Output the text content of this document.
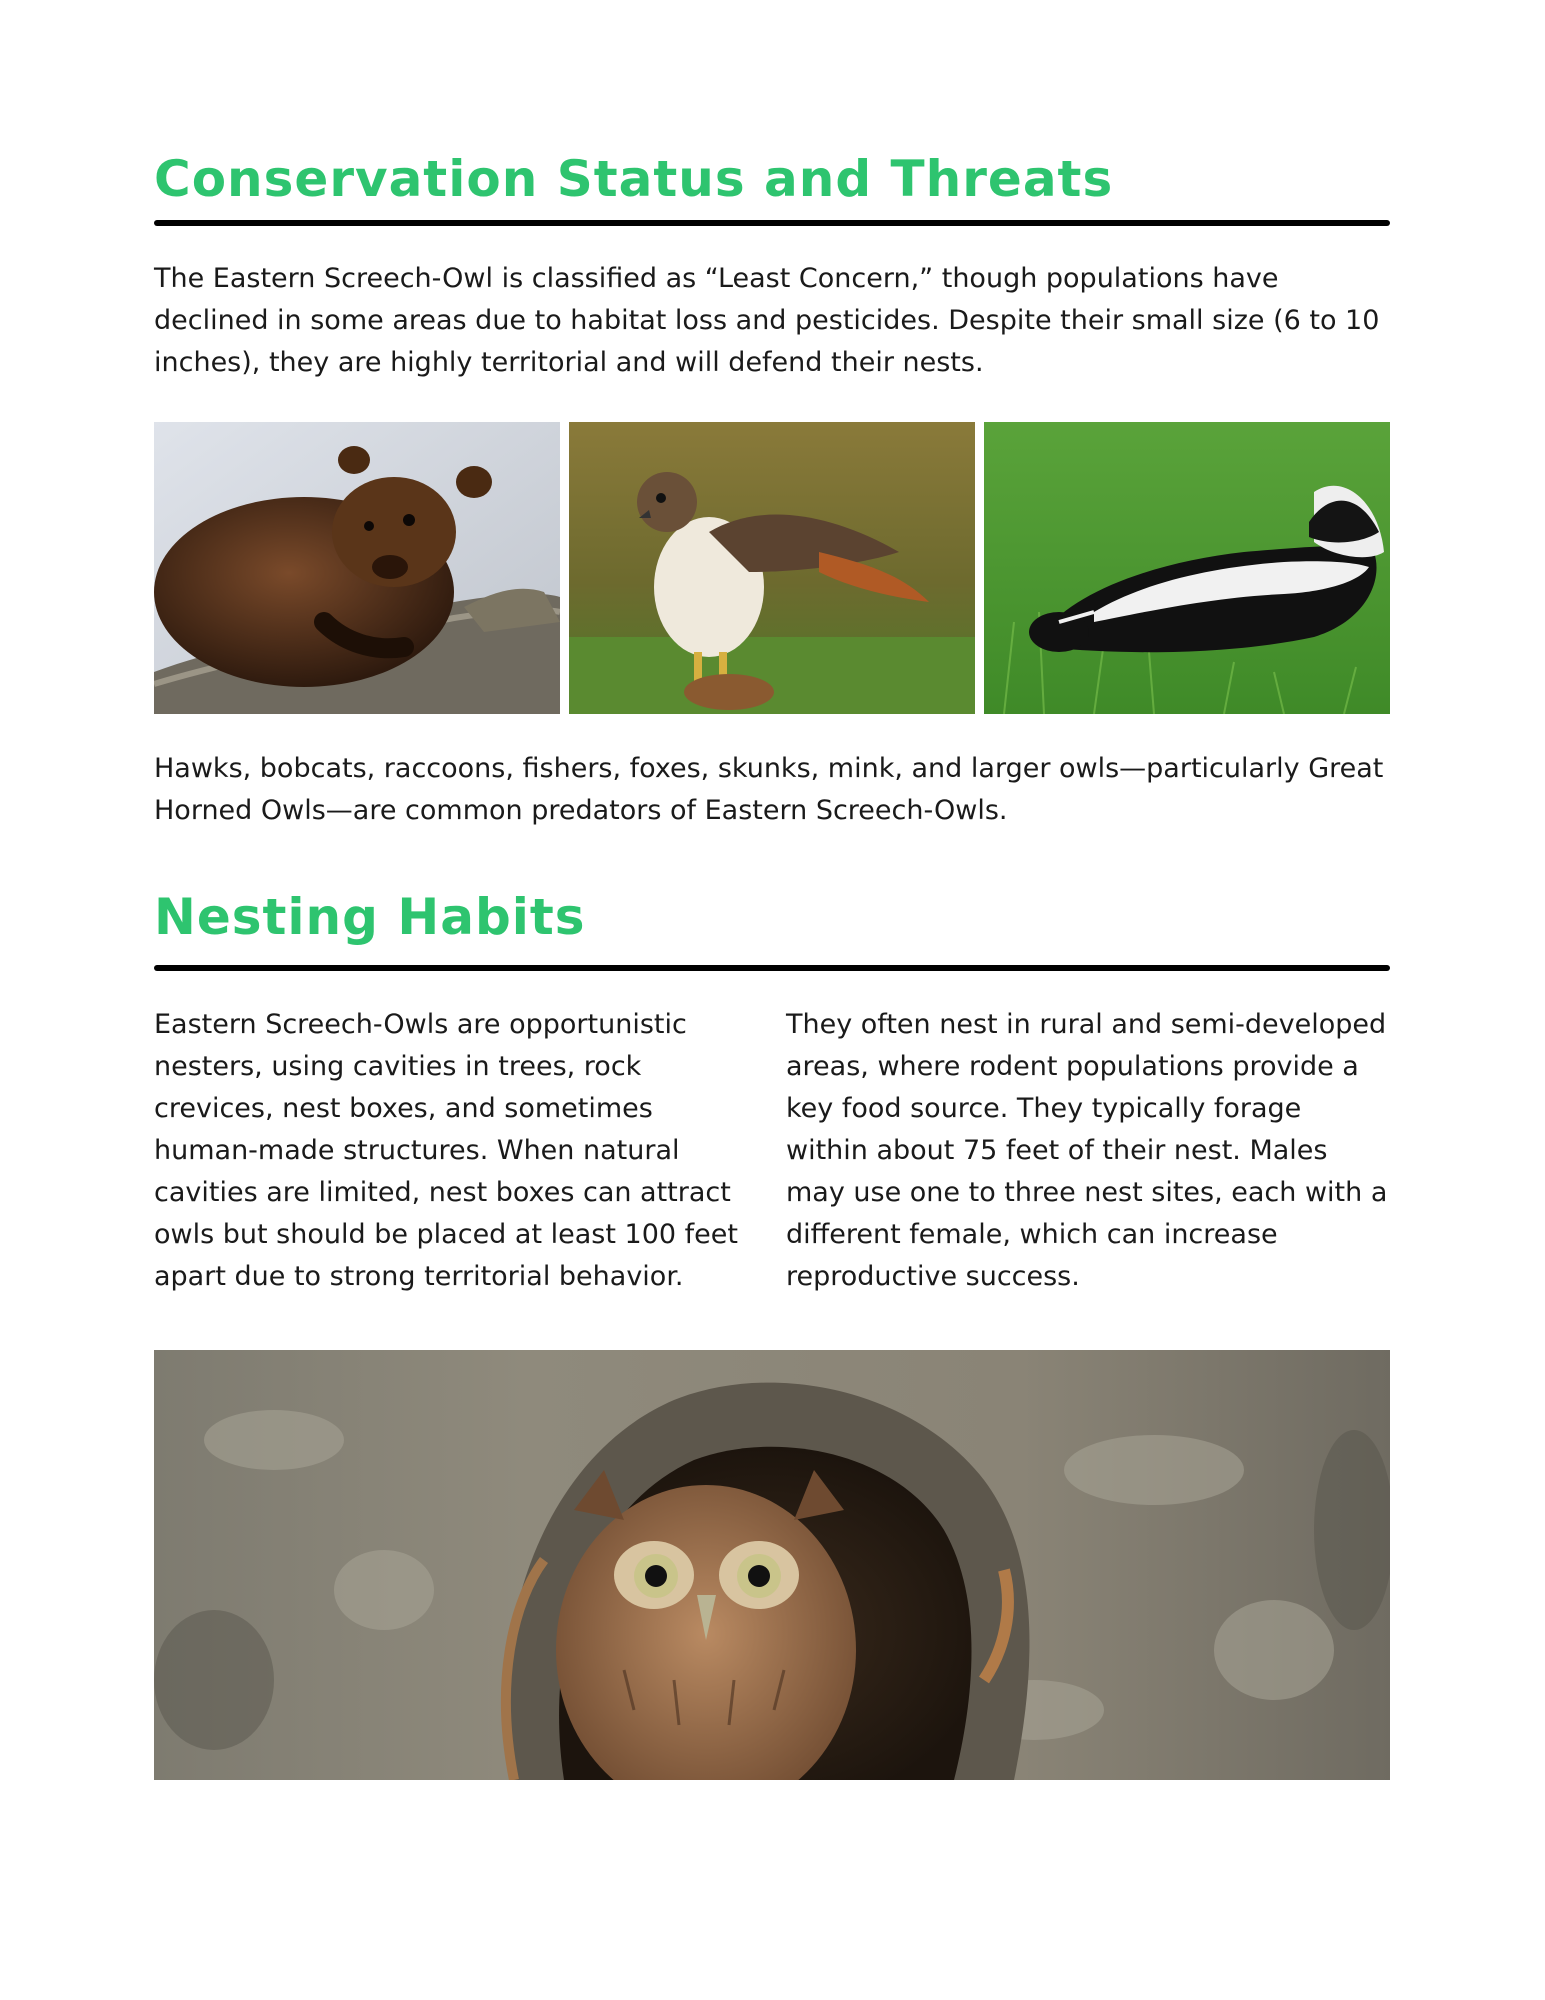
Conservation Status and Threats

The Eastern Screech-Owl is classified as “Least Concern,” though populations have declined in some areas due to habitat loss and pesticides. Despite their small size (6 to 10 inches), they are highly territorial and will defend their nests.

Hawks, bobcats, raccoons, fishers, foxes, skunks, mink, and larger owls—particularly Great Horned Owls—are common predators of Eastern Screech-Owls.

Nesting Habits

Eastern Screech-Owls are opportunistic nesters, using cavities in trees, rock crevices, nest boxes, and sometimes human-made structures. When natural cavities are limited, nest boxes can attract owls but should be placed at least 100 feet apart due to strong territorial behavior.

They often nest in rural and semi-developed areas, where rodent populations provide a key food source. They typically forage within about 75 feet of their nest. Males may use one to three nest sites, each with a different female, which can increase reproductive success.
